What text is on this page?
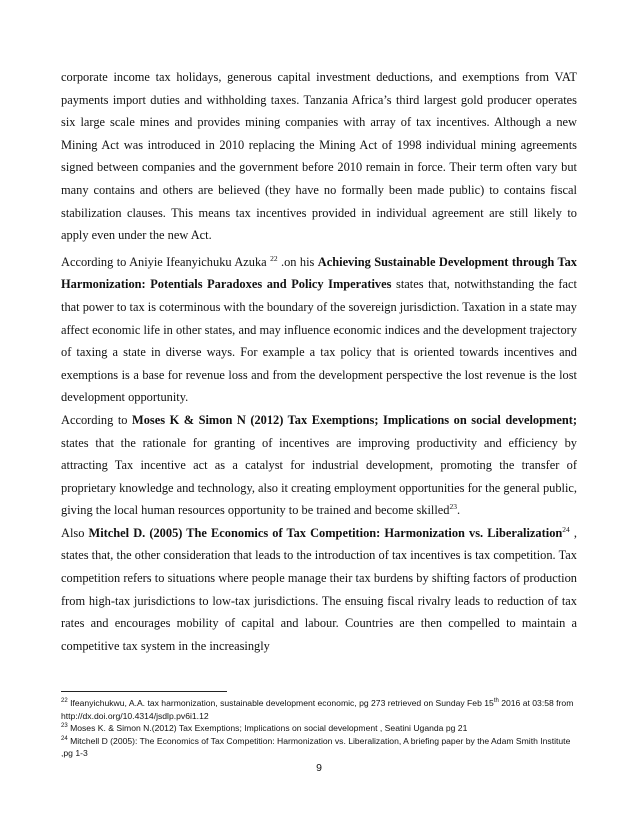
corporate income tax holidays, generous capital investment deductions, and exemptions from VAT payments import duties and withholding taxes. Tanzania Africa’s third largest gold producer operates six large scale mines and provides mining companies with array of tax incentives. Although a new Mining Act was introduced in 2010 replacing the Mining Act of 1998 individual mining agreements signed between companies and the government before 2010 remain in force. Their term often vary but many contains and others are believed (they have no formally been made public) to contains fiscal stabilization clauses. This means tax incentives provided in individual agreement are still likely to apply even under the new Act.

According to Aniyie Ifeanyichuku Azuka $^{22}$ .on his Achieving Sustainable Development through Tax Harmonization: Potentials Paradoxes and Policy Imperatives states that, notwithstanding the fact that power to tax is coterminous with the boundary of the sovereign jurisdiction. Taxation in a state may affect economic life in other states, and may influence economic indices and the development trajectory of taxing a state in diverse ways. For example a tax policy that is oriented towards incentives and exemptions is a base for revenue loss and from the development perspective the lost revenue is the lost development opportunity.

According to Moses K & Simon N (2012) Tax Exemptions; Implications on social development; states that the rationale for granting of incentives are improving productivity and efficiency by attracting Tax incentive act as a catalyst for industrial development, promoting the transfer of proprietary knowledge and technology, also it creating employment opportunities for the general public, giving the local human resources opportunity to be trained and become skilled$^{23}$.

Also Mitchel D. (2005) The Economics of Tax Competition: Harmonization vs. Liberalization$^{24}$ , states that, the other consideration that leads to the introduction of tax incentives is tax competition. Tax competition refers to situations where people manage their tax burdens by shifting factors of production from high-tax jurisdictions to low-tax jurisdictions. The ensuing fiscal rivalry leads to reduction of tax rates and encourages mobility of capital and labour. Countries are then compelled to maintain a competitive tax system in the increasingly

$^{22}$ Ifeanyichukwu, A.A. tax harmonization, sustainable development economic, pg 273 retrieved on Sunday Feb 15th 2016 at 03:58 from http://dx.doi.org/10.4314/jsdlp.pv6i1.12
$^{23}$ Moses K. & Simon N.(2012) Tax Exemptions; Implications on social development , Seatini Uganda pg 21
$^{24}$ Mitchell D (2005): The Economics of Tax Competition: Harmonization vs. Liberalization, A briefing paper by the Adam Smith Institute ,pg 1-3
9
